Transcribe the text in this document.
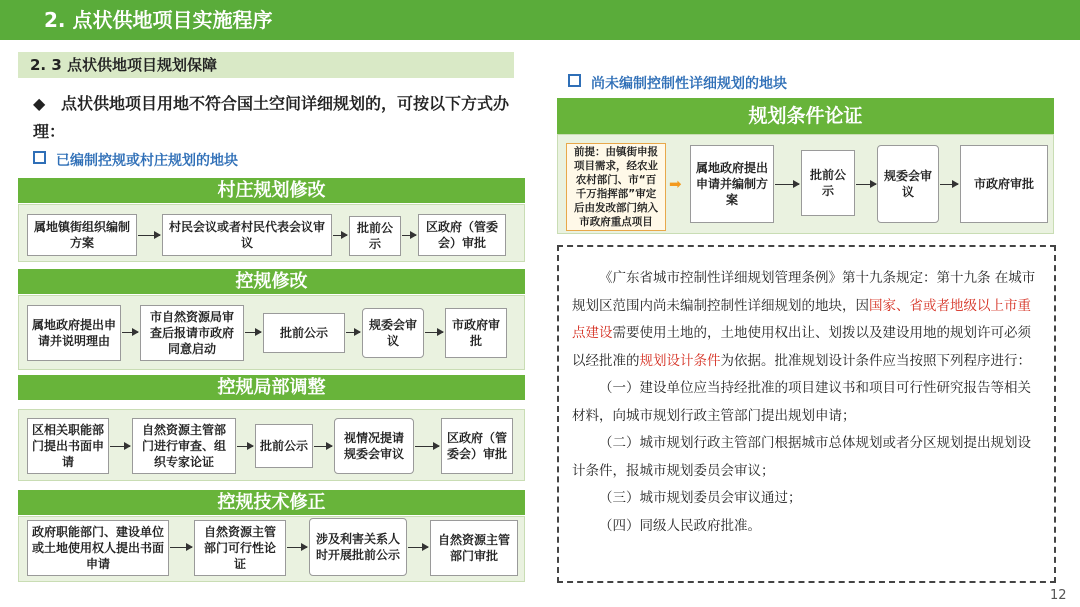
2. 点状供地项目实施程序
2. 3 点状供地项目规划保障
◆ 点状供地项目用地不符合国土空间详细规划的，可按以下方式办理：
已编制控规或村庄规划的地块
村庄规划修改
属地镇街组织编制方案
村民会议或者村民代表会议审议
批前公示
区政府（管委会）审批
控规修改
属地政府提出申请并说明理由
市自然资源局审查后报请市政府同意启动
批前公示
规委会审议
市政府审批
控规局部调整
区相关职能部门提出书面申请
自然资源主管部门进行审查、组织专家论证
批前公示
视情况提请规委会审议
区政府（管委会）审批
控规技术修正
政府职能部门、建设单位或土地使用权人提出书面申请
自然资源主管部门可行性论证
涉及利害关系人时开展批前公示
自然资源主管部门审批
尚未编制控制性详细规划的地块
规划条件论证
前提：由镇街申报项目需求，经农业农村部门、市“百千万指挥部”审定后由发改部门纳入市政府重点项目
➡
属地政府提出申请并编制方案
批前公示
规委会审议
市政府审批
《广东省城市控制性详细规划管理条例》第十九条规定：第十九条 在城市规划区范围内尚未编制控制性详细规划的地块，因国家、省或者地级以上市重点建设需要使用土地的，土地使用权出让、划拨以及建设用地的规划许可必须以经批准的规划设计条件为依据。批准规划设计条件应当按照下列程序进行：
（一）建设单位应当持经批准的项目建议书和项目可行性研究报告等相关材料，向城市规划行政主管部门提出规划申请；
（二）城市规划行政主管部门根据城市总体规划或者分区规划提出规划设计条件，报城市规划委员会审议；
（三）城市规划委员会审议通过；
（四）同级人民政府批准。
12
